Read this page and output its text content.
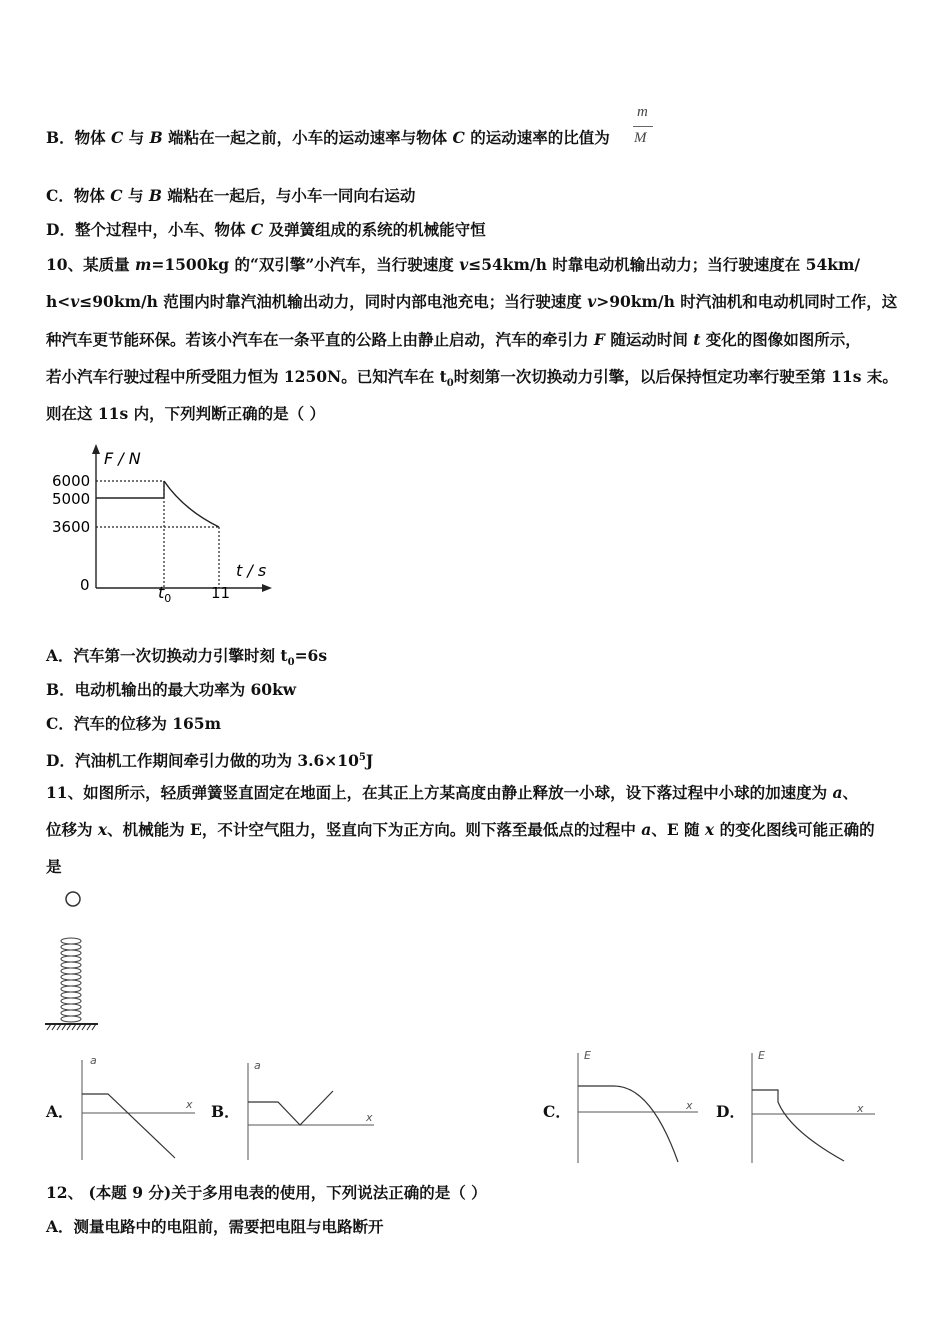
B．物体 C 与 B 端粘在一起之前，小车的运动速率与物体 C 的运动速率的比值为
m
M
C．物体 C 与 B 端粘在一起后，与小车一同向右运动
D．整个过程中，小车、物体 C 及弹簧组成的系统的机械能守恒
10、某质量 m=1500kg 的“双引擎”小汽车，当行驶速度 v≤54km/h 时靠电动机输出动力；当行驶速度在 54km/
h<v≤90km/h 范围内时靠汽油机输出动力，同时内部电池充电；当行驶速度 v>90km/h 时汽油机和电动机同时工作，这
种汽车更节能环保。若该小汽车在一条平直的公路上由静止启动，汽车的牵引力 F 随运动时间 t 变化的图像如图所示，
若小汽车行驶过程中所受阻力恒为 1250N。已知汽车在 $t_0$时刻第一次切换动力引擎，以后保持恒定功率行驶至第 11s 末。
则在这 11s 内，下列判断正确的是（ ）
F / N
t / s
6000
5000
3600
0	$t_0$	11
A．汽车第一次切换动力引擎时刻 $t_0=6s$
B．电动机输出的最大功率为 60kw
C．汽车的位移为 165m
D．汽油机工作期间牵引力做的功为 $3.6\times 10^5J$
11、如图所示，轻质弹簧竖直固定在地面上，在其正上方某高度由静止释放一小球，设下落过程中小球的加速度为 a、
位移为 x、机械能为 E，不计空气阻力，竖直向下为正方向。则下落至最低点的过程中 a、E 随 x 的变化图线可能正确的
是
A．
a
x B．
a
x	C．
E
x D．
E
x
12、 (本题 9 分)关于多用电表的使用，下列说法正确的是（ ）
A．测量电路中的电阻前，需要把电阻与电路断开
